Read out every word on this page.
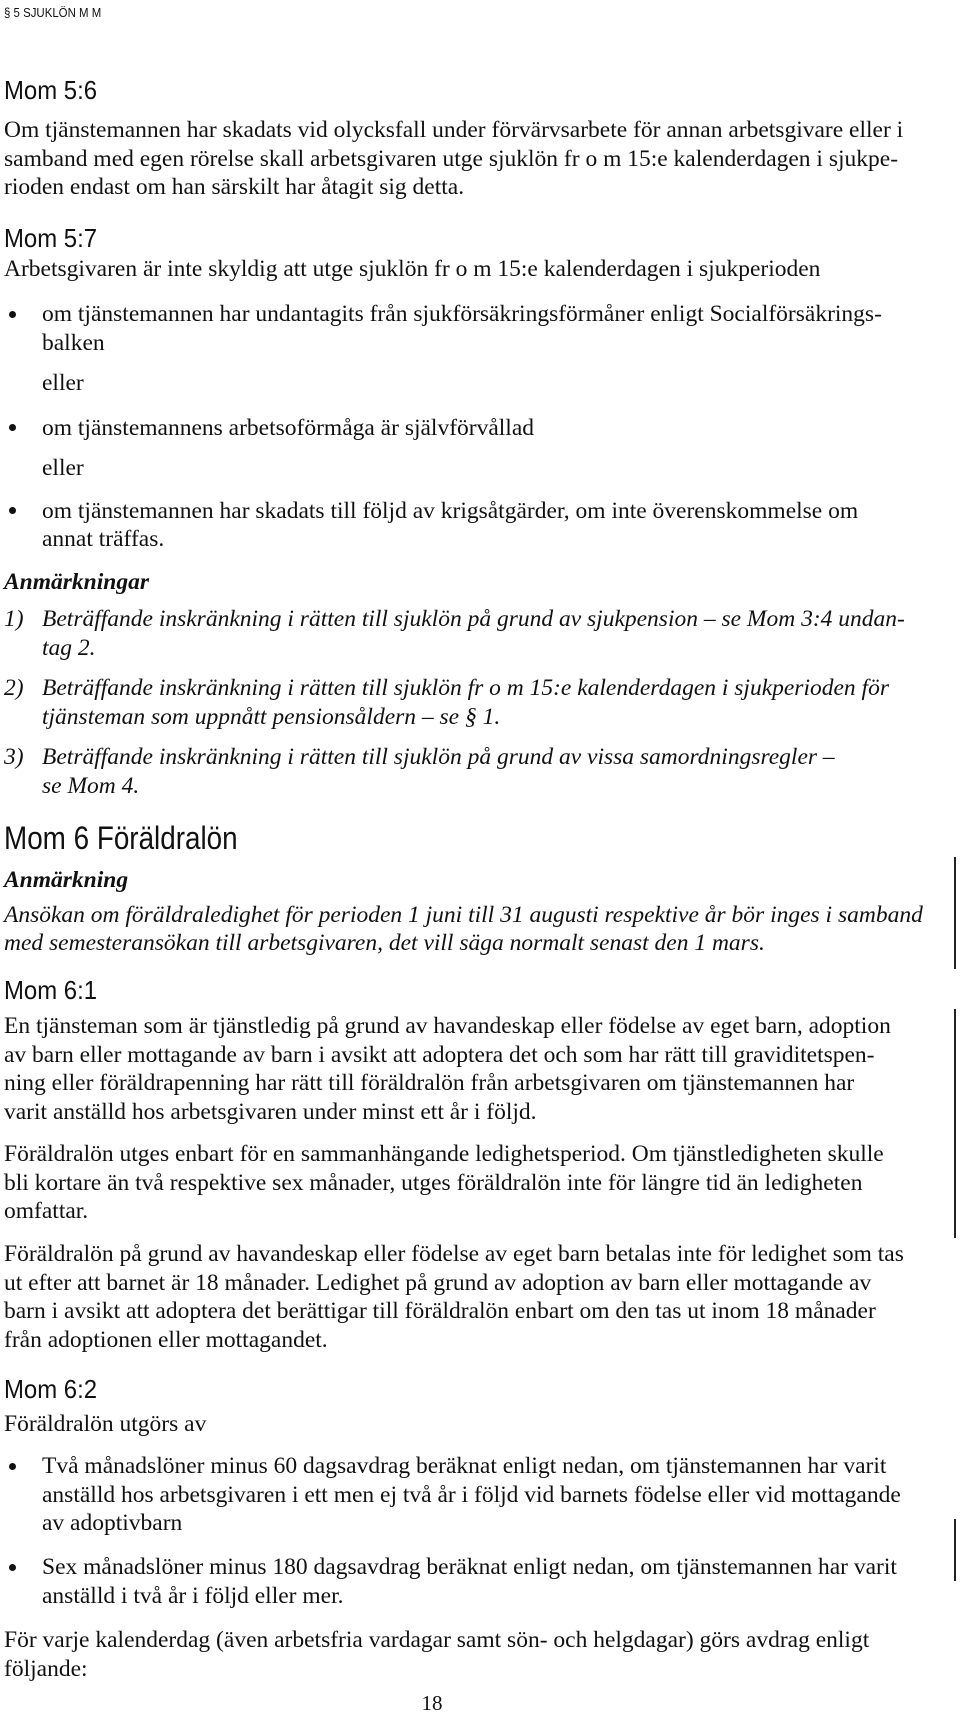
§ 5 SJUKLÖN M M
Mom 5:6

Om tjänstemannen har skadats vid olycksfall under förvärvsarbete för annan arbetsgivare eller i
samband med egen rörelse skall arbetsgivaren utge sjuklön fr o m 15:e kalenderdagen i sjukpe-
rioden endast om han särskilt har åtagit sig detta.

Mom 5:7

Arbetsgivaren är inte skyldig att utge sjuklön fr o m 15:e kalenderdagen i sjukperioden

om tjänstemannen har undantagits från sjukförsäkringsförmåner enligt Socialförsäkrings-
balken
eller
om tjänstemannens arbetsoförmåga är självförvållad
eller
om tjänstemannen har skadats till följd av krigsåtgärder, om inte överenskommelse om
annat träffas.

Anmärkningar

1) Beträffande inskränkning i rätten till sjuklön på grund av sjukpension – se Mom 3:4 undan-
tag 2.
2) Beträffande inskränkning i rätten till sjuklön fr o m 15:e kalenderdagen i sjukperioden för
tjänsteman som uppnått pensionsåldern – se § 1.
3) Beträffande inskränkning i rätten till sjuklön på grund av vissa samordningsregler –
se Mom 4.
Mom 6 Föräldralön

Anmärkning

Ansökan om föräldraledighet för perioden 1 juni till 31 augusti respektive år bör inges i samband
med semesteransökan till arbetsgivaren, det vill säga normalt senast den 1 mars.

Mom 6:1

En tjänsteman som är tjänstledig på grund av havandeskap eller födelse av eget barn, adoption
av barn eller mottagande av barn i avsikt att adoptera det och som har rätt till graviditetspen-
ning eller föräldrapenning har rätt till föräldralön från arbetsgivaren om tjänstemannen har
varit anställd hos arbetsgivaren under minst ett år i följd.

Föräldralön utges enbart för en sammanhängande ledighetsperiod. Om tjänstledigheten skulle
bli kortare än två respektive sex månader, utges föräldralön inte för längre tid än ledigheten
omfattar.

Föräldralön på grund av havandeskap eller födelse av eget barn betalas inte för ledighet som tas
ut efter att barnet är 18 månader. Ledighet på grund av adoption av barn eller mottagande av
barn i avsikt att adoptera det berättigar till föräldralön enbart om den tas ut inom 18 månader
från adoptionen eller mottagandet.

Mom 6:2

Föräldralön utgörs av

Två månadslöner minus 60 dagsavdrag beräknat enligt nedan, om tjänstemannen har varit
anställd hos arbetsgivaren i ett men ej två år i följd vid barnets födelse eller vid mottagande
av adoptivbarn
Sex månadslöner minus 180 dagsavdrag beräknat enligt nedan, om tjänstemannen har varit
anställd i två år i följd eller mer.

För varje kalenderdag (även arbetsfria vardagar samt sön- och helgdagar) görs avdrag enligt
följande:

18
